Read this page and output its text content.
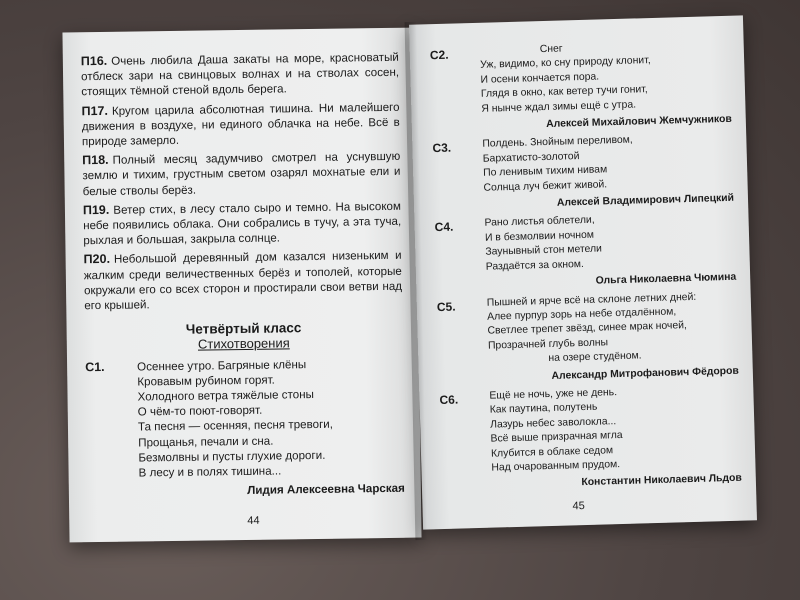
П16. Очень любила Даша закаты на море, красноватый отблеск зари на свинцовых волнах и на стволах сосен, стоящих тёмной стеной вдоль берега.

П17. Кругом царила абсолютная тишина. Ни малейшего движения в воздухе, ни единого облачка на небе. Всё в природе замерло.

П18. Полный месяц задумчиво смотрел на уснувшую землю и тихим, грустным светом озарял мохнатые ели и белые стволы берёз.

П19. Ветер стих, в лесу стало сыро и темно. На высоком небе появились облака. Они собрались в тучу, а эта туча, рыхлая и большая, закрыла солнце.

П20. Небольшой деревянный дом казался низеньким и жалким среди величественных берёз и тополей, которые окружали его со всех сторон и простирали свои ветви над его крышей.

Четвёртый класс
Стихотворения
С1.	Осеннее утро. Багряные клёны
Кровавым рубином горят.
Холодного ветра тяжёлые стоны
О чём-то поют-говорят.
Та песня — осенняя, песня тревоги,
Прощанья, печали и сна.
Безмолвны и пусты глухие дороги.
В лесу и в полях тишина...
Лидия Алексеевна Чарская
44
С2.	Снег
Уж, видимо, ко сну природу клонит,
И осени кончается пора.
Глядя в окно, как ветер тучи гонит,
Я нынче ждал зимы ещё с утра.
Алексей Михайлович Жемчужников
С3.	Полдень. Знойным переливом,
Бархатисто-золотой
По ленивым тихим нивам
Солнца луч бежит живой.
Алексей Владимирович Липецкий
С4.	Рано листья облетели,
И в безмолвии ночном
Заунывный стон метели
Раздаётся за окном.
Ольга Николаевна Чюмина
С5.	Пышней и ярче всё на склоне летних дней:
Алее пурпур зорь на небе отдалённом,
Светлее трепет звёзд, синее мрак ночей,
Прозрачней глубь волны
на озере студёном.
Александр Митрофанович Фёдоров
С6.	Ещё не ночь, уже не день.
Как паутина, полутень
Лазурь небес заволокла...
Всё выше призрачная мгла
Клубится в облаке седом
Над очарованным прудом.
Константин Николаевич Льдов
45
